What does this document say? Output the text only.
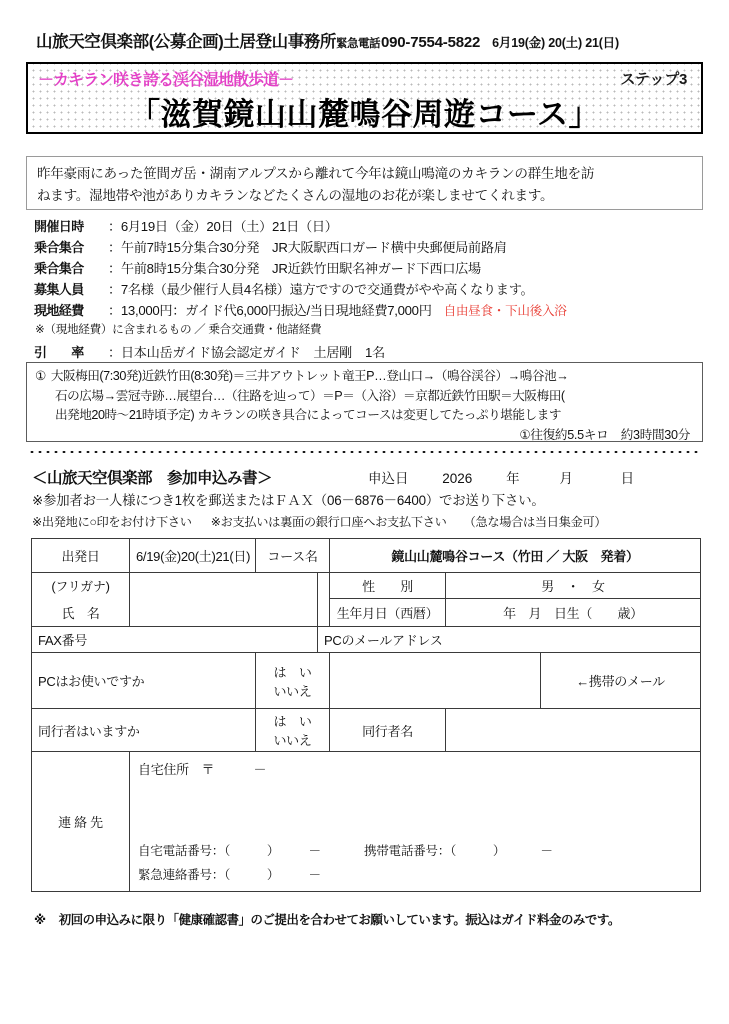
山旅天空倶楽部(公募企画)土居登山事務所 緊急電話 090-7554-5822 6月19(金) 20(土) 21(日)
－カキラン咲き誇る渓谷湿地散歩道－	ステップ3
「滋賀鏡山山麓鳴谷周遊コース」

昨年豪雨にあった笹間ガ岳・湖南アルプスから離れて今年は鏡山鳴滝のカキランの群生地を訪

ねます。湿地帯や池がありカキランなどたくさんの湿地のお花が楽しませてくれます。

開催日時	：6月19日（金）20日（土）21日（日）
乗合集合	：午前7時15分集合30分発　JR大阪駅西口ガード横中央郵便局前路肩
乗合集合	：午前8時15分集合30分発　JR近鉄竹田駅名神ガード下西口広場
募集人員	：7名様（最少催行人員4名様）遠方ですので交通費がやや高くなります。
現地経費	：13,000円：ガイド代6,000円振込/当日現地経費7,000円 自由昼食・下山後入浴
※（現地経費）に含まれるもの ／ 乗合交通費・他諸経費
引　　率	：日本山岳ガイド協会認定ガイド　土居剛　1名
① 大阪梅田(7:30発)近鉄竹田(8:30発)＝三井アウトレット竜王P…登山口→（鳴谷渓谷）→鳴谷池→
石の広場→雲冠寺跡…展望台…（往路を辿って）＝P＝（入浴）＝京都近鉄竹田駅＝大阪梅田(
出発地20時～21時頃予定) カキランの咲き具合によってコースは変更してたっぷり堪能します
①往復約5.5キロ　約3時間30分
＜山旅天空倶楽部　参加申込み書＞	申込日	2026	年	月	日
※参加者お一人様につき1枚を郵送またはＦＡＸ（06－6876－6400）でお送り下さい。
※出発地に○印をお付け下さい ※お支払いは裏面の銀行口座へお支払下さい （急な場合は当日集金可）
出発日	6/19(金)20(土)21(日)	コース名		鏡山山麓鳴谷コース（竹田 ／ 大阪　発着）		
(フリガナ)				性　　別	男　・　女	
氏　名				生年月日（西暦）	年　月　日生（　　歳）	
FAX番号			PCのメールアドレス			
PCはお使いですか		は　い　いいえ				←携帯のメール
同行者はいますか		は　い　いいえ		同行者名		
連 絡 先	自宅住所　〒 －
自宅電話番号：（　　　） － 携帯電話番号：（　　　） －
緊急連絡番号：（　　　） －					
※ 初回の申込みに限り「健康確認書」のご提出を合わせてお願いしています。振込はガイド料金のみです。
